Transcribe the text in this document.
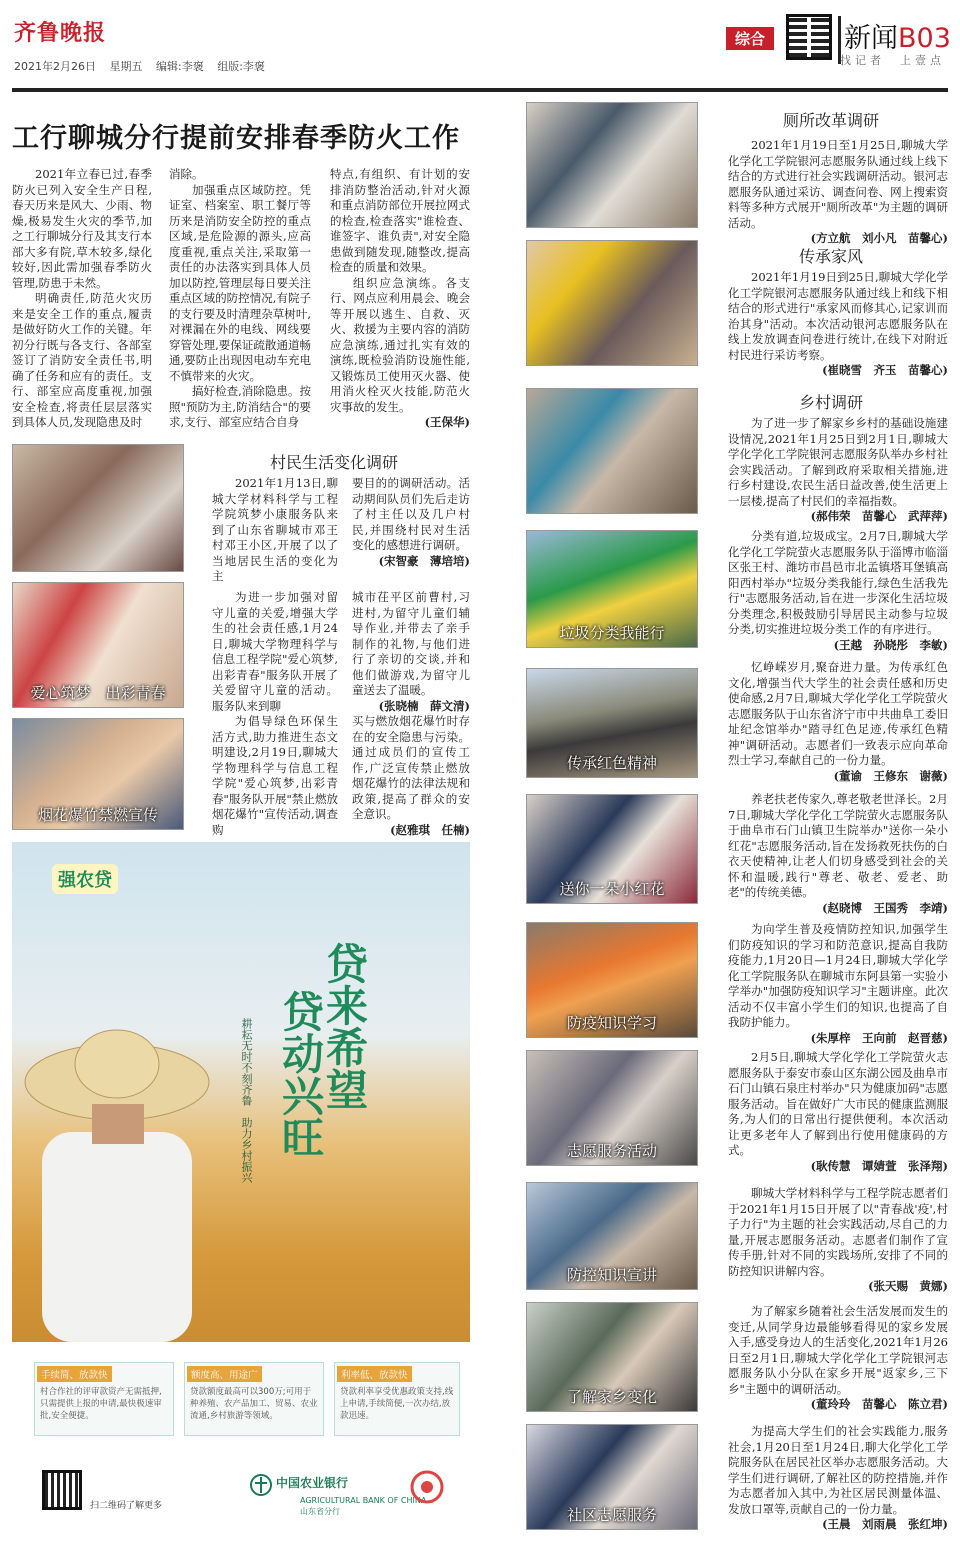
齐鲁晚报
2021年2月26日 星期五 编辑:李褒 组版:李褒
综合	新闻B03
找记者　上壹点
工行聊城分行提前安排春季防火工作

2021年立春已过,春季防火已列入安全生产日程,春天历来是风大、少雨、物燥,极易发生火灾的季节,加之工行聊城分行及其支行本部大多有院,草木较多,绿化较好,因此需加强春季防火管理,防患于未然。

明确责任,防范火灾历来是安全工作的重点,履责是做好防火工作的关键。年初分行既与各支行、各部室签订了消防安全责任书,明确了任务和应有的责任。支行、部室应高度重视,加强安全检查,将责任层层落实到具体人员,发现隐患及时

消除。

加强重点区域防控。凭证室、档案室、职工餐厅等历来是消防安全防控的重点区域,是危险源的源头,应高度重视,重点关注,采取第一责任的办法落实到具体人员加以防控,管理层每日要关注重点区域的防控情况,有院子的支行要及时清理杂草树叶,对裸漏在外的电线、网线要穿管处理,要保证疏散通道畅通,要防止出现因电动车充电不慎带来的火灾。

搞好检查,消除隐患。按照"预防为主,防消结合"的要求,支行、部室应结合自身

特点,有组织、有计划的安排消防整治活动,针对火源和重点消防部位开展拉网式的检查,检查落实"谁检查、谁签字、谁负责",对安全隐患做到随发现,随整改,提高检查的质量和效果。

组织应急演练。各支行、网点应利用晨会、晚会等开展以逃生、自救、灭火、救援为主要内容的消防应急演练,通过扎实有效的演练,既检验消防设施性能,又锻炼员工使用灭火器、使用消火栓灭火技能,防范火灾事故的发生。

(王保华)

爱心筑梦　出彩青春
烟花爆竹禁燃宣传
村民生活变化调研

2021年1月13日,聊城大学材料科学与工程学院筑梦小康服务队来到了山东省聊城市邓王村邓王小区,开展了以了当地居民生活的变化为主

要目的的调研活动。活动期间队员们先后走访了村主任以及几户村民,并围绕村民对生活变化的感想进行调研。

(宋智豪　薄培培)

为进一步加强对留守儿童的关爱,增强大学生的社会责任感,1月24日,聊城大学物理科学与信息工程学院"爱心筑梦,出彩青春"服务队开展了关爱留守儿童的活动。服务队来到聊

城市茌平区前曹村,习进村,为留守儿童们辅导作业,并带去了亲手制作的礼物,与他们进行了亲切的交谈,并和他们做游戏,为留守儿童送去了温暖。

(张晓楠　薛文清)

为倡导绿色环保生活方式,助力推进生态文明建设,2月19日,聊城大学物理科学与信息工程学院"爱心筑梦,出彩青春"服务队开展"禁止燃放烟花爆竹"宣传活动,调查购

买与燃放烟花爆竹时存在的安全隐患与污染。通过成员们的宣传工作,广泛宣传禁止燃放烟花爆竹的法律法规和政策,提高了群众的安全意识。

(赵雅琪　任楠)

强农贷
贷来希望
贷动兴旺
耕耘无时不刻齐鲁　助力乡村振兴
手续简、放款快
村合作社的评审款资产无需抵押,只需提供上报的申请,最快极速审批,安全便捷。
额度高、用途广
贷款额度最高可以300万;可用于种养殖、农产品加工、贸易、农业流通,乡村旅游等领域。
利率低、放款快
贷款利率享受优惠政策支持,线上申请,手续简便,一次办结,放款迅速。
扫二维码了解更多
中国农业银行
AGRICULTURAL BANK OF CHINA
山东省分行
垃圾分类我能行
传承红色精神
送你一朵小红花
防疫知识学习
志愿服务活动
防控知识宣讲
了解家乡变化
社区志愿服务
厕所改革调研

2021年1月19日至1月25日,聊城大学化学化工学院银河志愿服务队通过线上线下结合的方式进行社会实践调研活动。银河志愿服务队通过采访、调查问卷、网上搜索资料等多种方式展开"厕所改革"为主题的调研活动。

(方立航　刘小凡　苗馨心)

传承家风

2021年1月19日到25日,聊城大学化学化工学院银河志愿服务队通过线上和线下相结合的形式进行"承家风而修其心,记家训而治其身"活动。本次活动银河志愿服务队在线上发放调查问卷进行统计,在线下对附近村民进行采访考察。

(崔晓雪　齐玉　苗馨心)

乡村调研

为了进一步了解家乡乡村的基础设施建设情况,2021年1月25日到2月1日,聊城大学化学化工学院银河志愿服务队举办乡村社会实践活动。了解到政府采取相关措施,进行乡村建设,农民生活日益改善,使生活更上一层楼,提高了村民们的幸福指数。

(郝伟荣　苗馨心　武萍萍)

分类有道,垃圾成宝。2月7日,聊城大学化学化工学院萤火志愿服务队于淄博市临淄区张王村、潍坊市昌邑市北孟镇塔耳堡镇高阳西村举办"垃圾分类我能行,绿色生活我先行"志愿服务活动,旨在进一步深化生活垃圾分类理念,积极鼓励引导居民主动参与垃圾分类,切实推进垃圾分类工作的有序进行。

(王越　孙晓彤　李敏)

忆峥嵘岁月,聚奋进力量。为传承红色文化,增强当代大学生的社会责任感和历史使命感,2月7日,聊城大学化学化工学院萤火志愿服务队于山东省济宁市中共曲阜工委旧址纪念馆举办"踏寻红色足迹,传承红色精神"调研活动。志愿者们一致表示应向革命烈士学习,奉献自己的一份力量。

(董谕　王修东　谢薇)

养老扶老传家久,尊老敬老世泽长。2月7日,聊城大学化学化工学院萤火志愿服务队于曲阜市石门山镇卫生院举办"送你一朵小红花"志愿服务活动,旨在发扬救死扶伤的白衣天使精神,让老人们切身感受到社会的关怀和温暖,践行"尊老、敬老、爱老、助老"的传统美德。

(赵晓博　王国秀　李靖)

为向学生普及疫情防控知识,加强学生们防疫知识的学习和防范意识,提高自我防疫能力,1月20日—1月24日,聊城大学化学化工学院服务队在聊城市东阿县第一实验小学举办"加强防疫知识学习"主题讲座。此次活动不仅丰富小学生们的知识,也提高了自我防护能力。

(朱厚梓　王向前　赵晋慈)

2月5日,聊城大学化学化工学院萤火志愿服务队于泰安市泰山区东湖公园及曲阜市石门山镇石泉庄村举办"只为健康加码"志愿服务活动。旨在做好广大市民的健康监测服务,为人们的日常出行提供便利。本次活动让更多老年人了解到出行使用健康码的方式。

(耿传慧　谭婧萱　张泽翔)

聊城大学材料科学与工程学院志愿者们于2021年1月15日开展了以"青春战'疫',村子力行"为主题的社会实践活动,尽自己的力量,开展志愿服务活动。志愿者们制作了宣传手册,针对不同的实践场所,安排了不同的防控知识讲解内容。

(张天赐　黄娜)

为了解家乡随着社会生活发展而发生的变迁,从同学身边最能够看得见的家乡发展入手,感受身边人的生活变化,2021年1月26日至2月1日,聊城大学化学化工学院银河志愿服务队小分队在家乡开展"返家乡,三下乡"主题中的调研活动。

(董玲玲　苗馨心　陈立君)

为提高大学生们的社会实践能力,服务社会,1月20日至1月24日,聊大化学化工学院服务队在居民社区举办志愿服务活动。大学生们进行调研,了解社区的防控措施,并作为志愿者加入其中,为社区居民测量体温、发放口罩等,贡献自己的一份力量。

(王晨　刘雨晨　张红坤)
